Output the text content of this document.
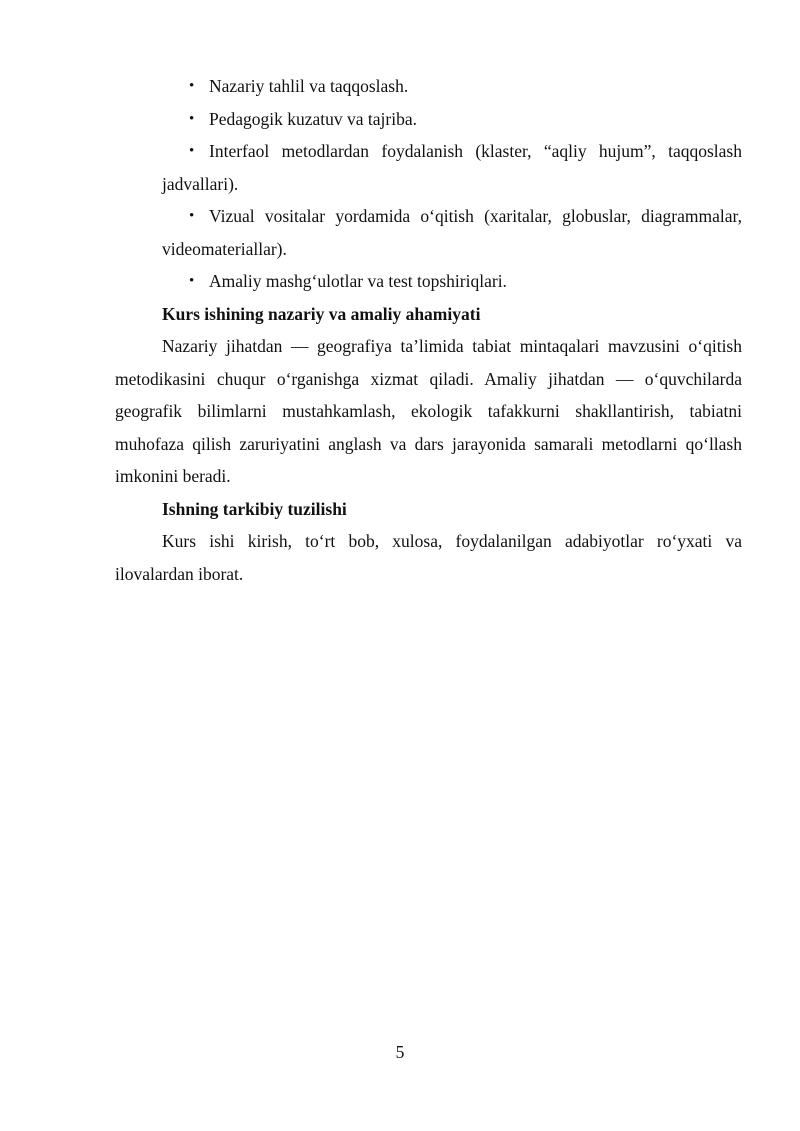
• Nazariy tahlil va taqqoslash.
• Pedagogik kuzatuv va tajriba.
• Interfaol metodlardan foydalanish (klaster, “aqliy hujum”, taqqoslash jadvallari).
• Vizual vositalar yordamida o‘qitish (xaritalar, globuslar, diagrammalar, videomateriallar).
• Amaliy mashg‘ulotlar va test topshiriqlari.

Kurs ishining nazariy va amaliy ahamiyati

Nazariy jihatdan — geografiya ta’limida tabiat mintaqalari mavzusini o‘qitish metodikasini chuqur o‘rganishga xizmat qiladi. Amaliy jihatdan — o‘quvchilarda geografik bilimlarni mustahkamlash, ekologik tafakkurni shakllantirish, tabiatni muhofaza qilish zaruriyatini anglash va dars jarayonida samarali metodlarni qo‘llash imkonini beradi.

Ishning tarkibiy tuzilishi

Kurs ishi kirish, to‘rt bob, xulosa, foydalanilgan adabiyotlar ro‘yxati va ilovalardan iborat.

5
